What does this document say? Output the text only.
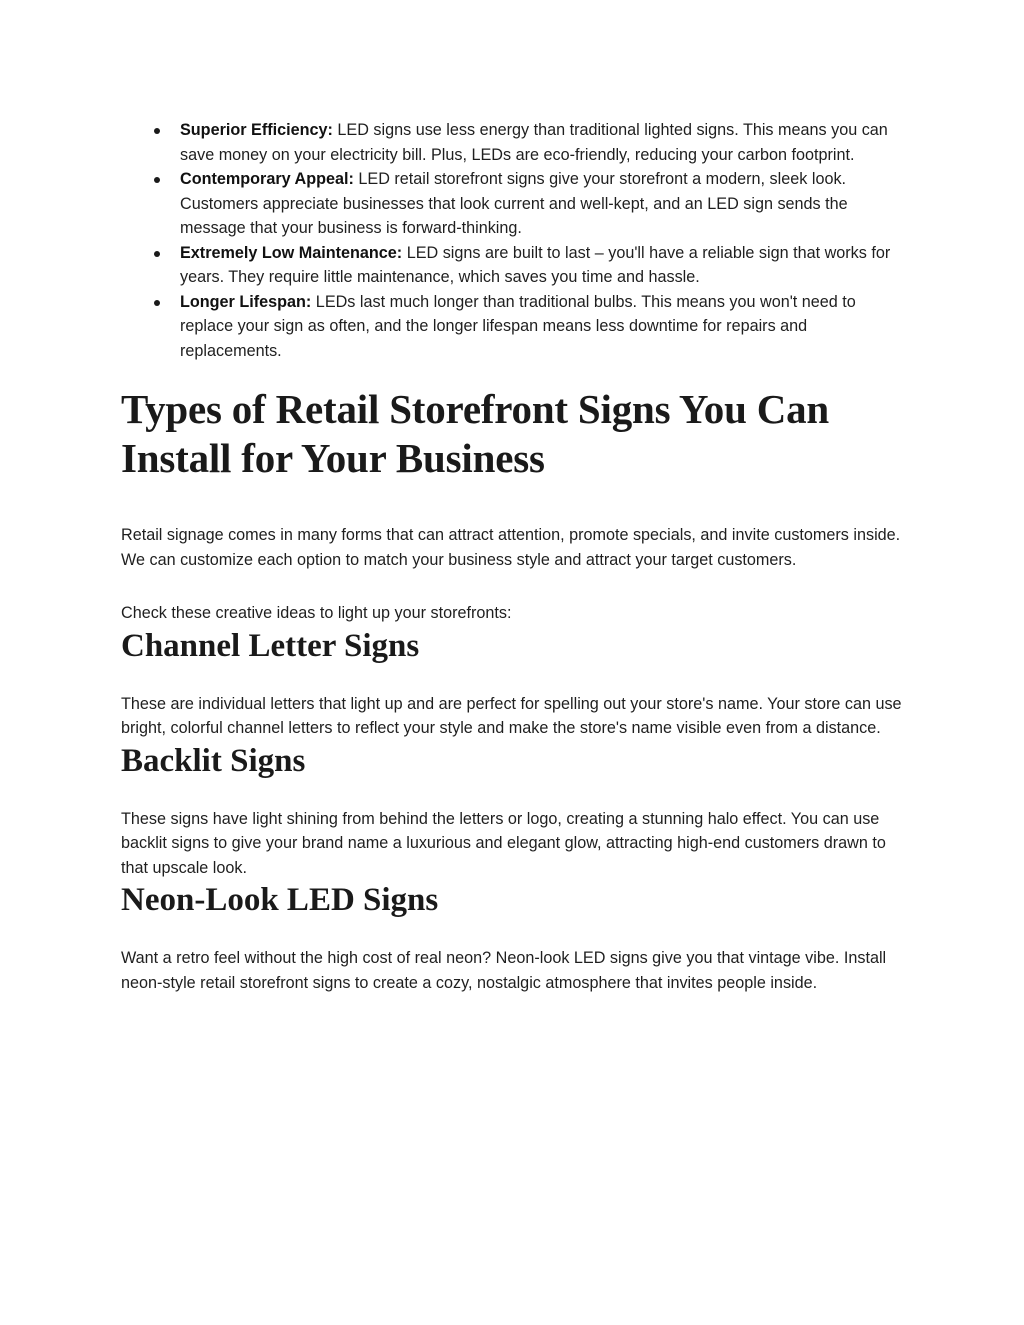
Superior Efficiency: LED signs use less energy than traditional lighted signs. This means you can save money on your electricity bill. Plus, LEDs are eco-friendly, reducing your carbon footprint.
Contemporary Appeal: LED retail storefront signs give your storefront a modern, sleek look. Customers appreciate businesses that look current and well-kept, and an LED sign sends the message that your business is forward-thinking.
Extremely Low Maintenance: LED signs are built to last – you'll have a reliable sign that works for years. They require little maintenance, which saves you time and hassle.
Longer Lifespan: LEDs last much longer than traditional bulbs. This means you won't need to replace your sign as often, and the longer lifespan means less downtime for repairs and replacements.
Types of Retail Storefront Signs You Can Install for Your Business

Retail signage comes in many forms that can attract attention, promote specials, and invite customers inside. We can customize each option to match your business style and attract your target customers.

Check these creative ideas to light up your storefronts:

Channel Letter Signs

These are individual letters that light up and are perfect for spelling out your store's name. Your store can use bright, colorful channel letters to reflect your style and make the store's name visible even from a distance.

Backlit Signs

These signs have light shining from behind the letters or logo, creating a stunning halo effect. You can use backlit signs to give your brand name a luxurious and elegant glow, attracting high-end customers drawn to that upscale look.

Neon-Look LED Signs

Want a retro feel without the high cost of real neon? Neon-look LED signs give you that vintage vibe. Install neon-style retail storefront signs to create a cozy, nostalgic atmosphere that invites people inside.
